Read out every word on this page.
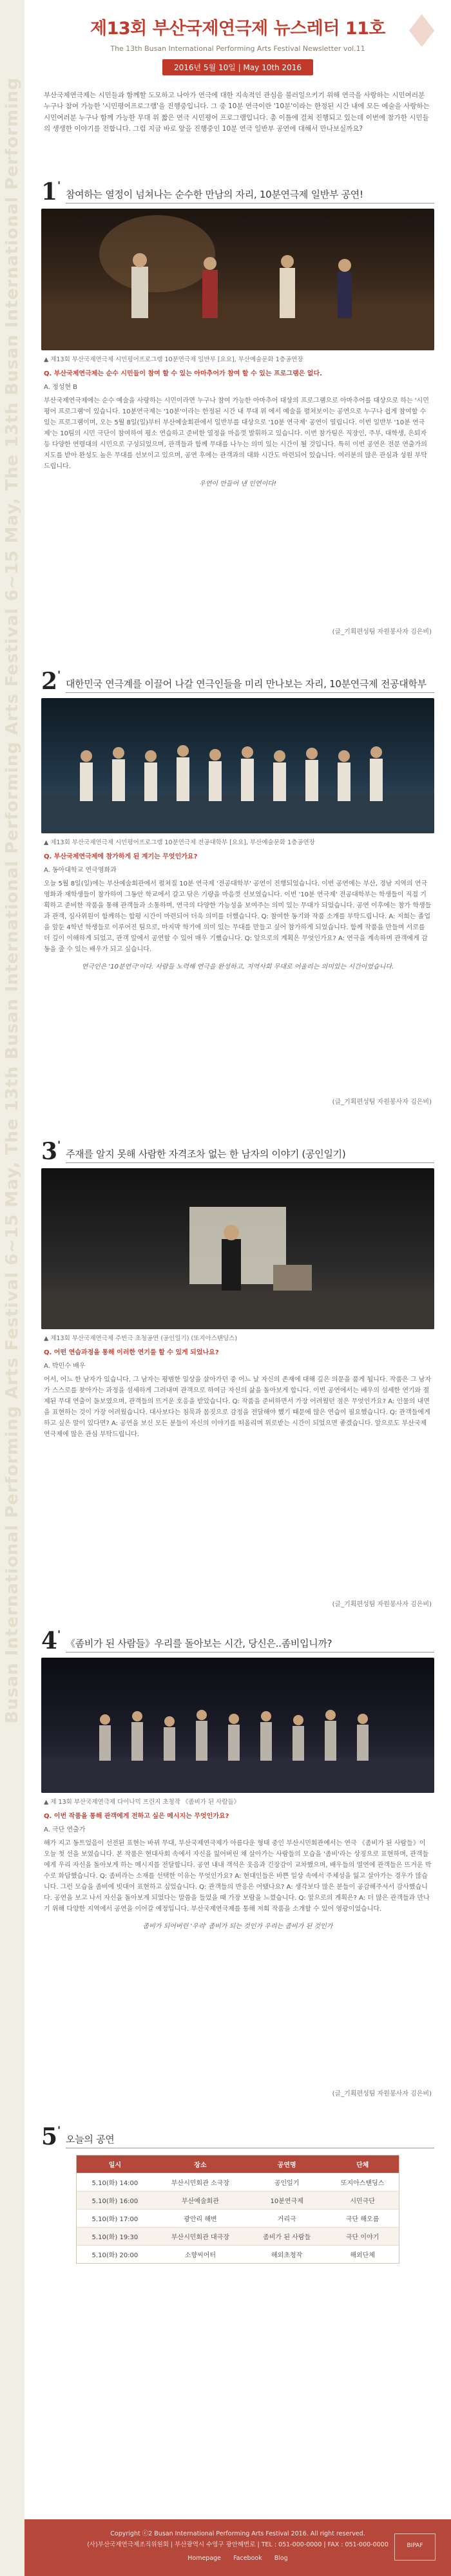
Busan International Performing Arts Festival 6~15 May, The 13th Busan International Performing Arts Festival 6~15 May, The 13th Busan International Performing
♦
제13회 부산국제연극제 뉴스레터 11호
The 13th Busan International Performing Arts Festival Newsletter vol.11
2016년 5월 10일 | May 10th 2016
부산국제연극제는 시민들과 함께할 도모하고 나아가 연극에 대한 지속적인 관심을 불러일으키기 위해 연극을 사랑하는 시민여러분 누구나 참여 가능한 '시민평어프로그램'을 진행중입니다. 그 중 10분 연극이란 '10분'이라는 한정된 시간 내에 모든 예술을 사랑하는 시민여러분 누구나 함께 가능한 무대 위 짧은 연극 시민평어 프로그램입니다. 총 이틀에 걸쳐 진행되고 있는데 이번에 참가한 시민들의 생생한 이야기를 전합니다. 그럼 지금 바로 앞을 진행중인 10분 연극 일반부 공연에 대해서 만나보실까요?
1'
참여하는 열정이 넘쳐나는 순수한 만남의 자리, 10분연극제 일반부 공연!
▲ 제13회 부산국제연극제 시민평어프로그램 10분연극제 일반부 [요요], 부산예술문화 1층공연장

Q. 부산국제연극제는 순수 시민들이 참여 할 수 있는 아마추어가 참여 할 수 있는 프로그램은 없다.

A. 정성현 B

부산국제연극제에는 순수 예술을 사랑하는 시민이라면 누구나 참여 가능한 아마추어 대상의 프로그램으로 아마추어를 대상으로 하는 '시민평어 프로그램'이 있습니다. 10분연극제는 '10분'이라는 한정된 시간 내 무대 위 에서 예술을 펼쳐보이는 공연으로 누구나 쉽게 참여할 수 있는 프로그램이며, 오는 5월 8일(일)부터 부산예술회관에서 일반부를 대상으로 '10분 연극제' 공연이 열립니다. 이번 일반부 '10분 연극제'는 10팀의 시민 극단이 참여하여 평소 연습하고 준비한 열정을 마음껏 발휘하고 있습니다. 이번 참가팀은 직장인, 주부, 대학생, 은퇴자 등 다양한 연령대의 시민으로 구성되었으며, 관객들과 함께 무대를 나누는 의미 있는 시간이 될 것입니다. 특히 이번 공연은 전문 연출가의 지도를 받아 완성도 높은 무대를 선보이고 있으며, 공연 후에는 관객과의 대화 시간도 마련되어 있습니다. 여러분의 많은 관심과 성원 부탁드립니다.

우연이 만들어 낸 인연이다!
(글_기획편성팀 자원봉사자 김은비)
2'
대한민국 연극계를 이끌어 나갈 연극인들을 미리 만나보는 자리, 10분연극제 전공대학부
▲ 제13회 부산국제연극제 시민평어프로그램 10분연극제 전공대학부 [요요], 부산예술문화 1층공연장

Q. 부산국제연극제에 참가하게 된 계기는 무엇인가요?

A. 동아대학교 연극영화과

오늘 5월 8일(일)에는 부산예술회관에서 펼쳐질 10분 연극제 '전공대학부' 공연이 진행되었습니다. 이번 공연에는 부산, 경남 지역의 연극영화과 재학생들이 참가하여 그동안 학교에서 갈고 닦은 기량을 마음껏 선보였습니다. 이번 '10분 연극제' 전공대학부는 학생들이 직접 기획하고 준비한 작품을 통해 관객들과 소통하며, 연극의 다양한 가능성을 보여주는 의미 있는 무대가 되었습니다. 공연 이후에는 참가 학생들과 관객, 심사위원이 함께하는 합평 시간이 마련되어 더욱 의미를 더했습니다. Q: 참여한 동기와 작품 소개를 부탁드립니다. A: 저희는 졸업을 앞둔 4학년 학생들로 이루어진 팀으로, 마지막 학기에 의미 있는 무대를 만들고 싶어 참가하게 되었습니다. 함께 작품을 만들며 서로를 더 깊이 이해하게 되었고, 관객 앞에서 공연할 수 있어 매우 기뻤습니다. Q: 앞으로의 계획은 무엇인가요? A: 연극을 계속하며 관객에게 감동을 줄 수 있는 배우가 되고 싶습니다.

연극인은 '10분연극'이다. 사람들 노력해 연극을 완성하고, 지역사회 무대로 어울리는 의미있는 시간이었습니다.
(글_기획편성팀 자원봉사자 김은비)
3'
주재를 알지 못해 사람한 자격조차 없는 한 남자의 이야기 (공인일기)
▲ 제13회 부산국제연극제 주빈극 초청공연 (공인일기) (또지아스탠딩스)

Q. 어떤 연습과정을 통해 이러한 연기를 할 수 있게 되었나요?

A. 박민수 배우

어서, 어느 한 남자가 있습니다. 그 남자는 평범한 일상을 살아가던 중 어느 날 자신의 존재에 대해 깊은 의문을 품게 됩니다. 작품은 그 남자가 스스로를 찾아가는 과정을 섬세하게 그려내며 관객으로 하여금 자신의 삶을 돌아보게 합니다. 이번 공연에서는 배우의 섬세한 연기와 절제된 무대 연출이 돋보였으며, 관객들의 뜨거운 호응을 받았습니다. Q: 작품을 준비하면서 가장 어려웠던 점은 무엇인가요? A: 인물의 내면을 표현하는 것이 가장 어려웠습니다. 대사보다는 침묵과 몸짓으로 감정을 전달해야 했기 때문에 많은 연습이 필요했습니다. Q: 관객들에게 하고 싶은 말이 있다면? A: 공연을 보신 모든 분들이 자신의 이야기를 떠올리며 위로받는 시간이 되었으면 좋겠습니다. 앞으로도 부산국제연극제에 많은 관심 부탁드립니다.

(글_기획편성팀 자원봉사자 김은비)
4'
《좀비가 된 사람들》우리를 돌아보는 시간, 당신은..좀비입니까?
▲ 제 13회 부산국제연극제 다이나믹 프린지 초청작 《좀비가 된 사람들》

Q. 이번 작품을 통해 관객에게 전하고 싶은 메시지는 무엇인가요?

A. 극단 연출가

해가 지고 동트었음이 선전된 표현는 바뀌 무대, 부산국제연극제가 아름다운 형태 중인 부산시민회관에서는 연극 《좀비가 된 사람들》이 오늘 첫 선을 보였습니다. 본 작품은 현대사회 속에서 자신을 잃어버린 채 살아가는 사람들의 모습을 '좀비'라는 상징으로 표현하며, 관객들에게 우리 자신을 돌아보게 하는 메시지를 전달합니다. 공연 내내 객석은 웃음과 긴장감이 교차했으며, 배우들의 열연에 관객들은 뜨거운 박수로 화답했습니다. Q: 좀비라는 소재를 선택한 이유는 무엇인가요? A: 현대인들은 바쁜 일상 속에서 주체성을 잃고 살아가는 경우가 많습니다. 그런 모습을 좀비에 빗대어 표현하고 싶었습니다. Q: 관객들의 반응은 어땠나요? A: 생각보다 많은 분들이 공감해주셔서 감사했습니다. 공연을 보고 나서 자신을 돌아보게 되었다는 말씀을 들었을 때 가장 보람을 느꼈습니다. Q: 앞으로의 계획은? A: 더 많은 관객들과 만나기 위해 다양한 지역에서 공연을 이어갈 예정입니다. 부산국제연극제를 통해 저희 작품을 소개할 수 있어 영광이었습니다.

좀비가 되어버린 '우리' 좀비가 되는 것인가 우리는 좀비가 된 것인가
(글_기획편성팀 자원봉사자 김은비)
5'
오늘의 공연
일시	장소	공연명	단체
5.10(화) 14:00	부산시민회관 소극장	공인일기	또지아스탠딩스
5.10(화) 16:00	부산예술회관	10분연극제	시민극단
5.10(화) 17:00	광안리 해변	거리극	극단 해오름
5.10(화) 19:30	부산시민회관 대극장	좀비가 된 사람들	극단 이야기
5.10(화) 20:00	소향씨어터	해외초청작	해외단체
Copyright ⓒ2 Busan International Performing Arts Festival 2016. All right reserved.
(사)부산국제연극제조직위원회 | 부산광역시 수영구 광안해변로 | TEL : 051-000-0000 | FAX : 051-000-0000
Homepage Facebook Blog
BIPAF
